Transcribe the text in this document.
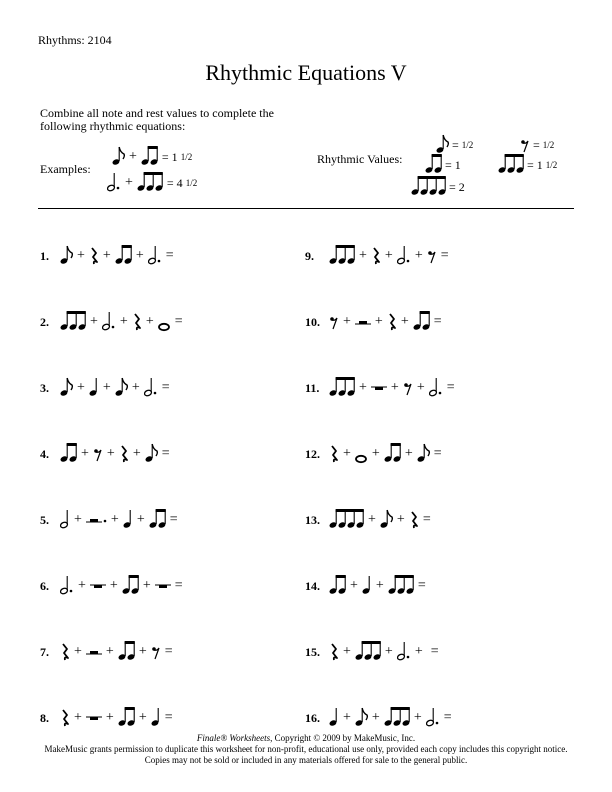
Rhythms: 2104
Rhythmic Equations V
Combine all note and rest values to complete the following rhythmic equations:
Examples:
+ = 1 1/2
+	= 4 1/2
Rhythmic Values:
= 1/2	= 1/2
= 1	= 1 1/2
= 2
1.	+ + + =
2.	+ + + =
3.	+ + + =
4.	+ + + =
5.	+ + + =
6.	+ + + =
7.	+ + + =
8.	+ + + =
9.	+ + + =
10.	+ + + =
11.	+ + + =
12.	+ + + =
13.	+ + =
14.	+ + =
15.	+ + + =
16.	+ + + =
Finale® Worksheets, Copyright © 2009 by MakeMusic, Inc.
MakeMusic grants permission to duplicate this worksheet for non-profit, educational use only, provided each copy includes this copyright notice.
Copies may not be sold or included in any materials offered for sale to the general public.
